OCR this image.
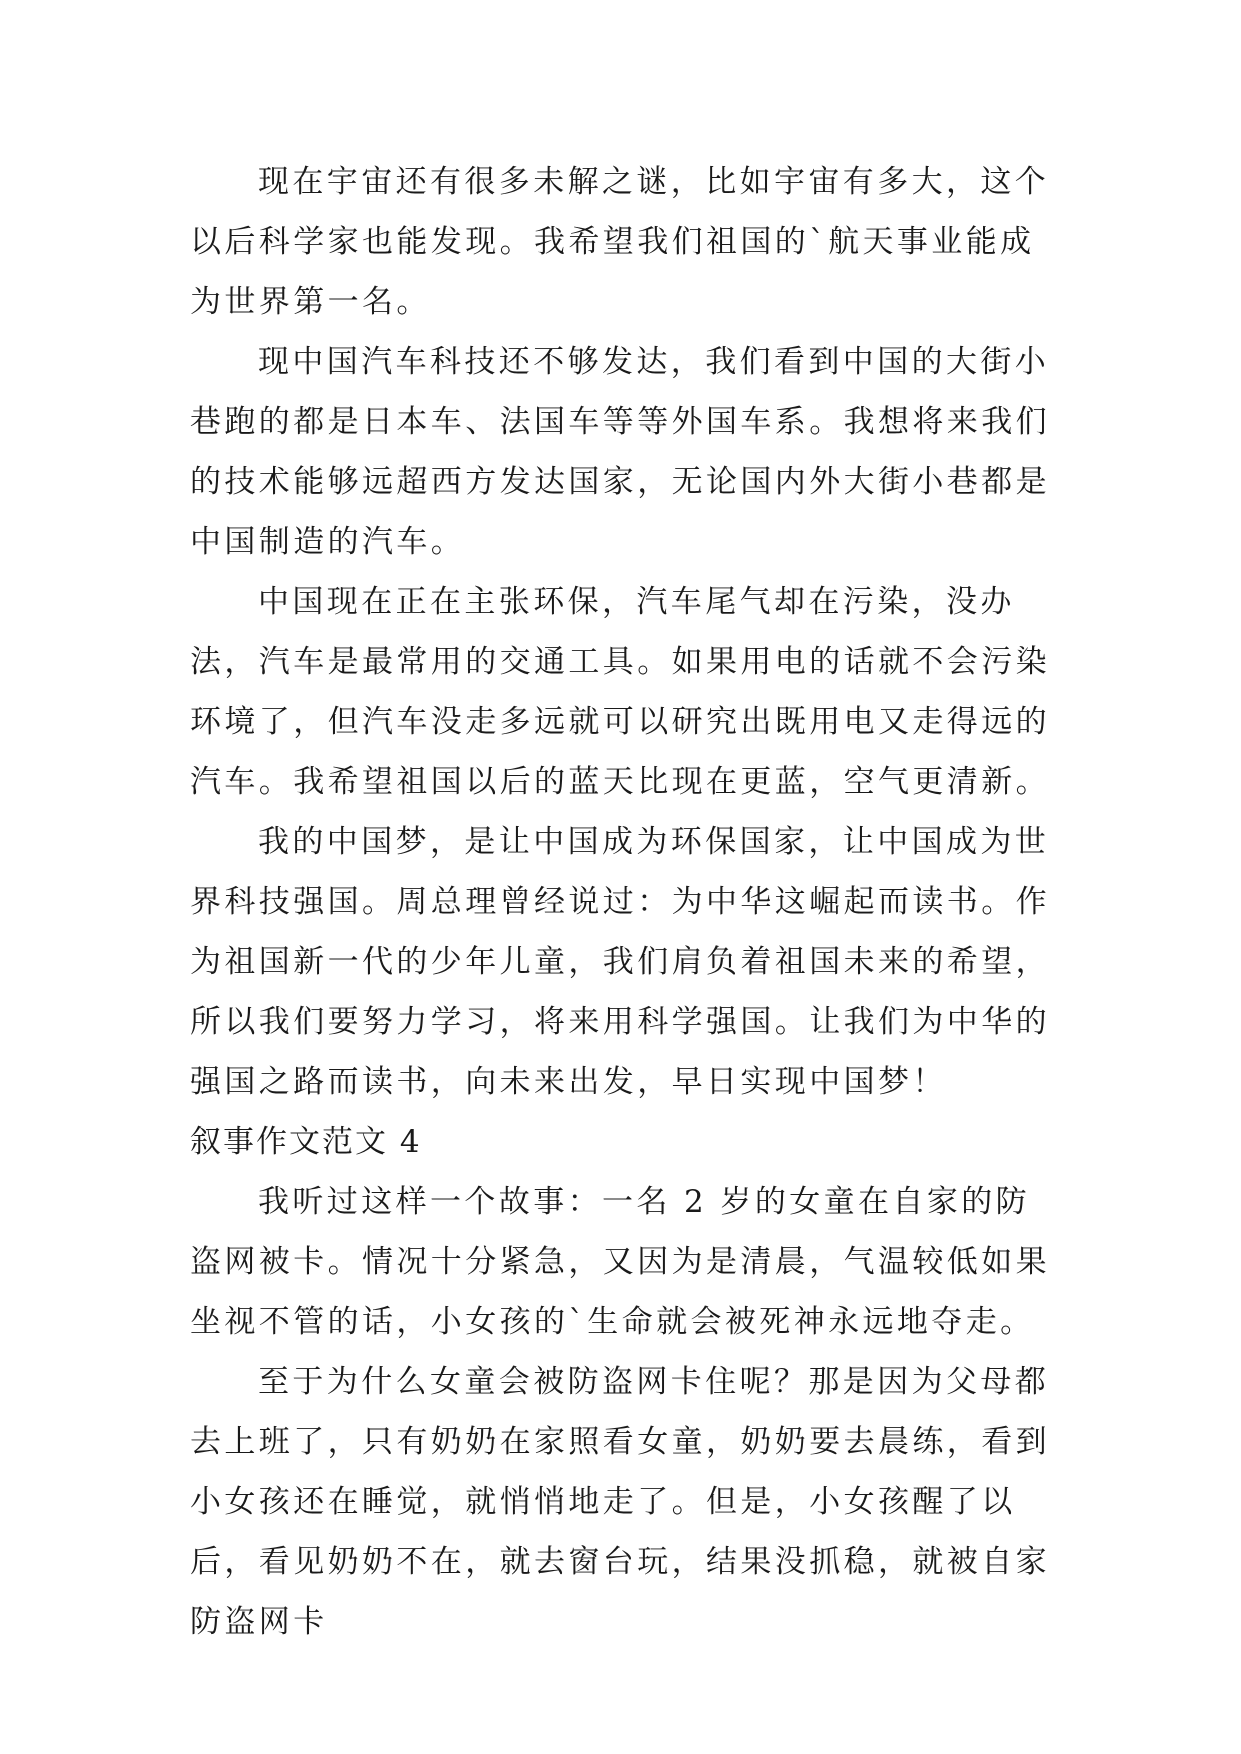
现在宇宙还有很多未解之谜，比如宇宙有多大，这个以后科学家也能发现。我希望我们祖国的`航天事业能成为世界第一名。

现中国汽车科技还不够发达，我们看到中国的大街小巷跑的都是日本车、法国车等等外国车系。我想将来我们的技术能够远超西方发达国家，无论国内外大街小巷都是中国制造的汽车。

中国现在正在主张环保，汽车尾气却在污染，没办法，汽车是最常用的交通工具。如果用电的话就不会污染环境了，但汽车没走多远就可以研究出既用电又走得远的汽车。我希望祖国以后的蓝天比现在更蓝，空气更清新。

我的中国梦，是让中国成为环保国家，让中国成为世界科技强国。周总理曾经说过：为中华这崛起而读书。作为祖国新一代的少年儿童，我们肩负着祖国未来的希望，所以我们要努力学习，将来用科学强国。让我们为中华的强国之路而读书，向未来出发，早日实现中国梦！

叙事作文范文 4

我听过这样一个故事：一名 2 岁的女童在自家的防盗网被卡。情况十分紧急，又因为是清晨，气温较低如果坐视不管的话，小女孩的`生命就会被死神永远地夺走。

至于为什么女童会被防盗网卡住呢？那是因为父母都去上班了，只有奶奶在家照看女童，奶奶要去晨练，看到小女孩还在睡觉，就悄悄地走了。但是，小女孩醒了以后，看见奶奶不在，就去窗台玩，结果没抓稳，就被自家防盗网卡
